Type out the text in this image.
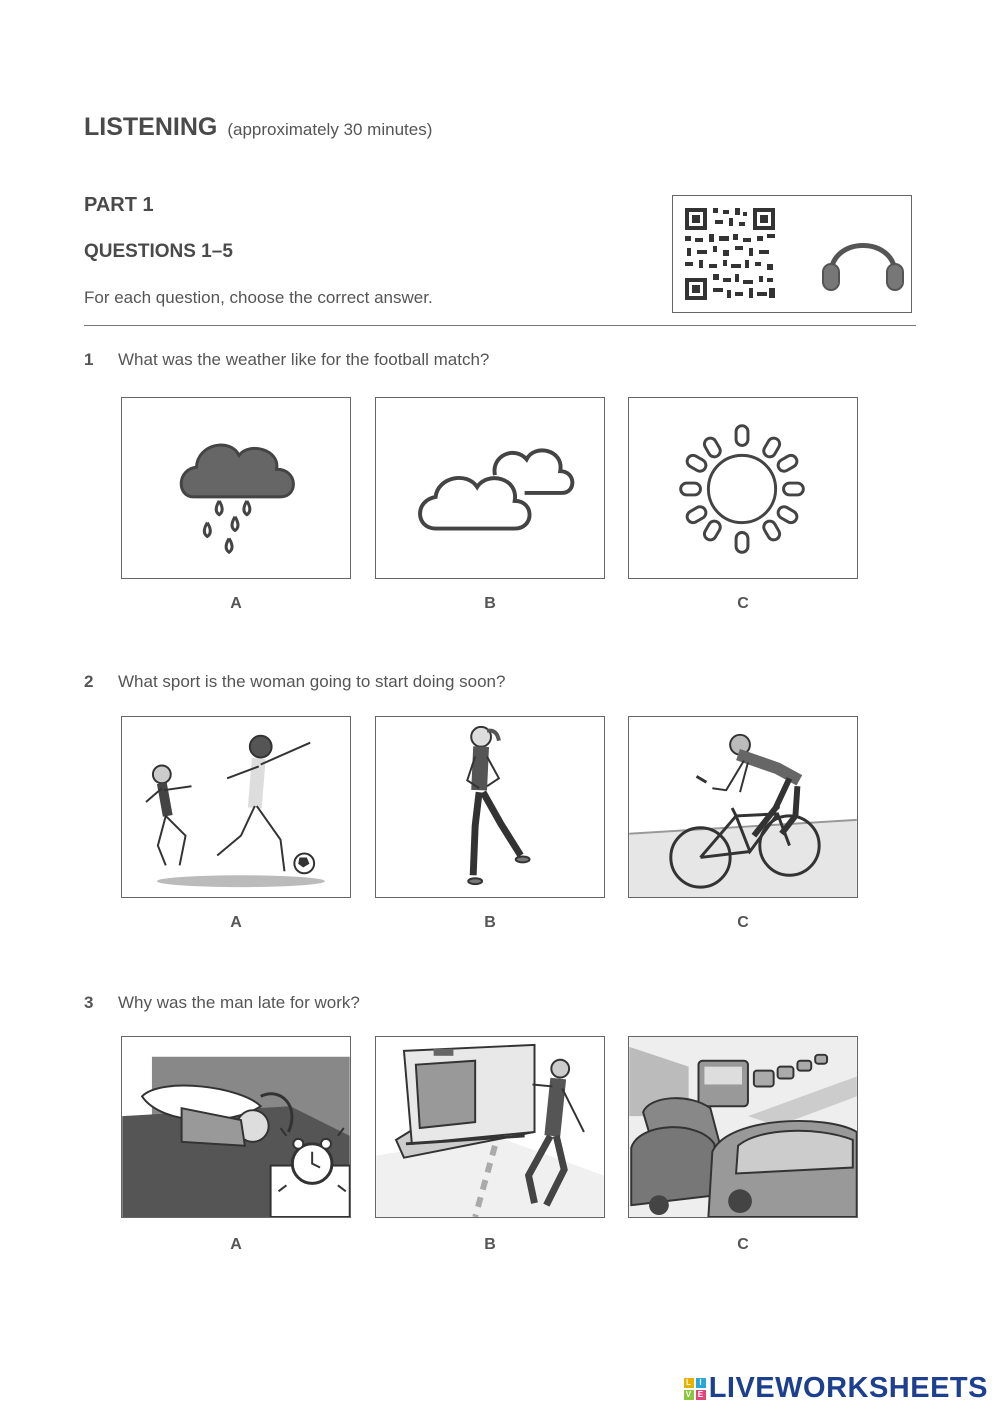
LISTENING (approximately 30 minutes)
PART 1
QUESTIONS 1–5
For each question, choose the correct answer.
1 What was the weather like for the football match?
A	B	C
2 What sport is the woman going to start doing soon?
A	B	C
3 Why was the man late for work?
A	B	C
L I
V E LIVEWORKSHEETS
